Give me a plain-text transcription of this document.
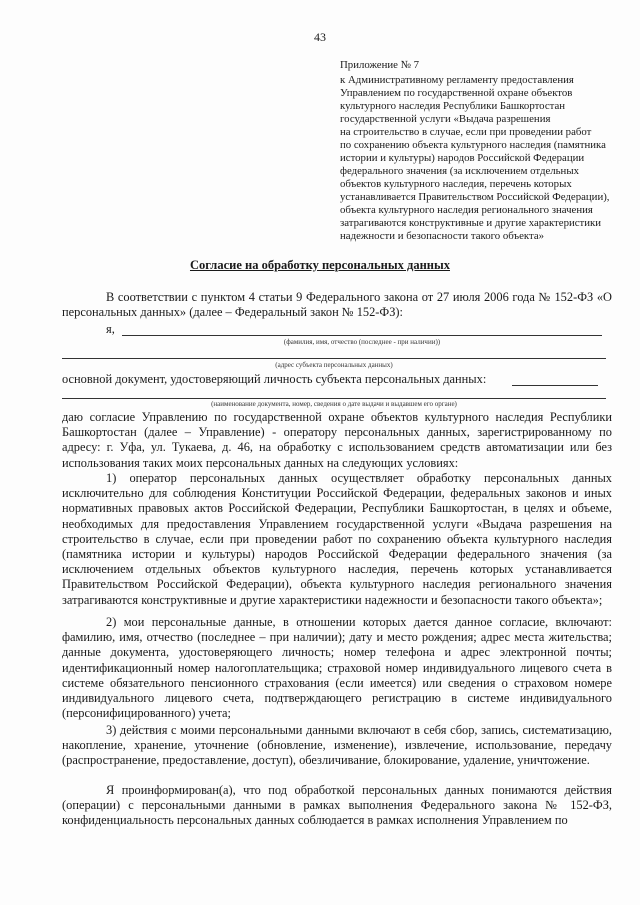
43
Приложение № 7
к Административному регламенту предоставления
Управлением по государственной охране объектов
культурного наследия Республики Башкортостан
государственной услуги «Выдача разрешения
на строительство в случае, если при проведении работ
по сохранению объекта культурного наследия (памятника
истории и культуры) народов Российской Федерации
федерального значения (за исключением отдельных
объектов культурного наследия, перечень которых
устанавливается Правительством Российской Федерации),
объекта культурного наследия регионального значения
затрагиваются конструктивные и другие характеристики
надежности и безопасности такого объекта»
Согласие на обработку персональных данных
В соответствии с пунктом 4 статьи 9 Федерального закона от 27 июля 2006 года № 152-ФЗ «О персональных данных» (далее – Федеральный закон № 152-ФЗ):
я,
(фамилия, имя, отчество (последнее - при наличии))
(адрес субъекта персональных данных)
основной документ, удостоверяющий личность субъекта персональных данных:
(наименование документа, номер, сведения о дате выдачи и выдавшем его органе)
даю согласие Управлению по государственной охране объектов культурного наследия Республики Башкортостан (далее – Управление) - оператору персональных данных, зарегистрированному по адресу: г. Уфа, ул. Тукаева, д. 46, на обработку с использованием средств автоматизации или без использования таких моих персональных данных на следующих условиях:
1) оператор персональных данных осуществляет обработку персональных данных исключительно для соблюдения Конституции Российской Федерации, федеральных законов и иных нормативных правовых актов Российской Федерации, Республики Башкортостан, в целях и объеме, необходимых для предоставления Управлением государственной услуги «Выдача разрешения на строительство в случае, если при проведении работ по сохранению объекта культурного наследия (памятника истории и культуры) народов Российской Федерации федерального значения (за исключением отдельных объектов культурного наследия, перечень которых устанавливается Правительством Российской Федерации), объекта культурного наследия регионального значения затрагиваются конструктивные и другие характеристики надежности и безопасности такого объекта»;
2) мои персональные данные, в отношении которых дается данное согласие, включают: фамилию, имя, отчество (последнее – при наличии); дату и место рождения; адрес места жительства; данные документа, удостоверяющего личность; номер телефона и адрес электронной почты; идентификационный номер налогоплательщика; страховой номер индивидуального лицевого счета в системе обязательного пенсионного страхования (если имеется) или сведения о страховом номере индивидуального лицевого счета, подтверждающего регистрацию в системе индивидуального (персонифицированного) учета;
3) действия с моими персональными данными включают в себя сбор, запись, систематизацию, накопление, хранение, уточнение (обновление, изменение), извлечение, использование, передачу (распространение, предоставление, доступ), обезличивание, блокирование, удаление, уничтожение.
Я проинформирован(а), что под обработкой персональных данных понимаются действия (операции) с персональными данными в рамках выполнения Федерального закона № 152-ФЗ, конфиденциальность персональных данных соблюдается в рамках исполнения Управлением по
